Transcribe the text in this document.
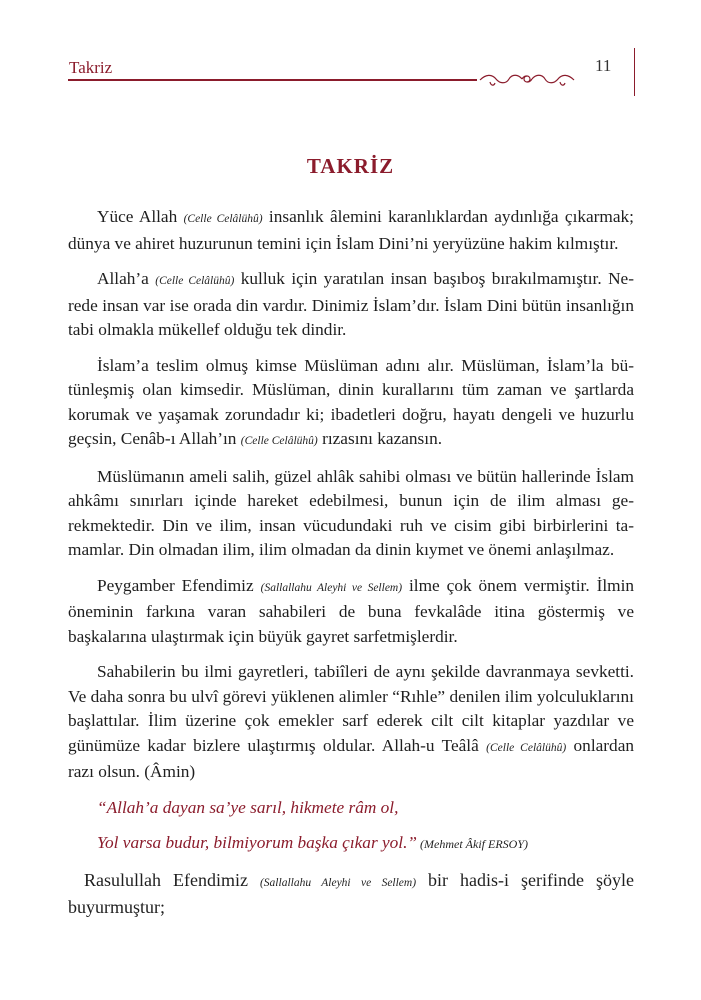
Takriz	11
TAKRİZ

Yüce Allah (Celle Celâlühû) insanlık âlemini karanlıklardan aydınlığa çıkarmak; dünya ve ahiret huzurunun temini için İslam Dini’ni yeryüzüne hakim kılmıştır.

Allah’a (Celle Celâlühû) kulluk için yaratılan insan başıboş bırakılmamıştır. Nerede insan var ise orada din vardır. Dinimiz İslam’dır. İslam Dini bütün insanlığın tabi olmakla mükellef olduğu tek dindir.

İslam’a teslim olmuş kimse Müslüman adını alır. Müslüman, İslam’la bütünleşmiş olan kimsedir. Müslüman, dinin kurallarını tüm zaman ve şartlarda korumak ve yaşamak zorundadır ki; ibadetleri doğru, hayatı dengeli ve huzurlu geçsin, Cenâb-ı Allah’ın (Celle Celâlühû) rızasını kazansın.

Müslümanın ameli salih, güzel ahlâk sahibi olması ve bütün hallerinde İslam ahkâmı sınırları içinde hareket edebilmesi, bunun için de ilim alması gerekmektedir. Din ve ilim, insan vücudundaki ruh ve cisim gibi birbirlerini tamamlar. Din olmadan ilim, ilim olmadan da dinin kıymet ve önemi anlaşılmaz.

Peygamber Efendimiz (Sallallahu Aleyhi ve Sellem) ilme çok önem vermiştir. İlmin öneminin farkına varan sahabileri de buna fevkalâde itina göstermiş ve başkalarına ulaştırmak için büyük gayret sarfetmişlerdir.

Sahabilerin bu ilmi gayretleri, tabiîleri de aynı şekilde davranmaya sevketti. Ve daha sonra bu ulvî görevi yüklenen alimler “Rıhle” denilen ilim yolculuklarını başlattılar. İlim üzerine çok emekler sarf ederek cilt cilt kitaplar yazdılar ve günümüze kadar bizlere ulaştırmış oldular. Allah-u Teâlâ (Celle Celâlühû) onlardan razı olsun. (Âmin)

“Allah’a dayan sa’ye sarıl, hikmete râm ol,
Yol varsa budur, bilmiyorum başka çıkar yol.” (Mehmet Âkif ERSOY)

Rasulullah Efendimiz (Sallallahu Aleyhi ve Sellem) bir hadis-i şerifinde şöyle buyurmuştur;
